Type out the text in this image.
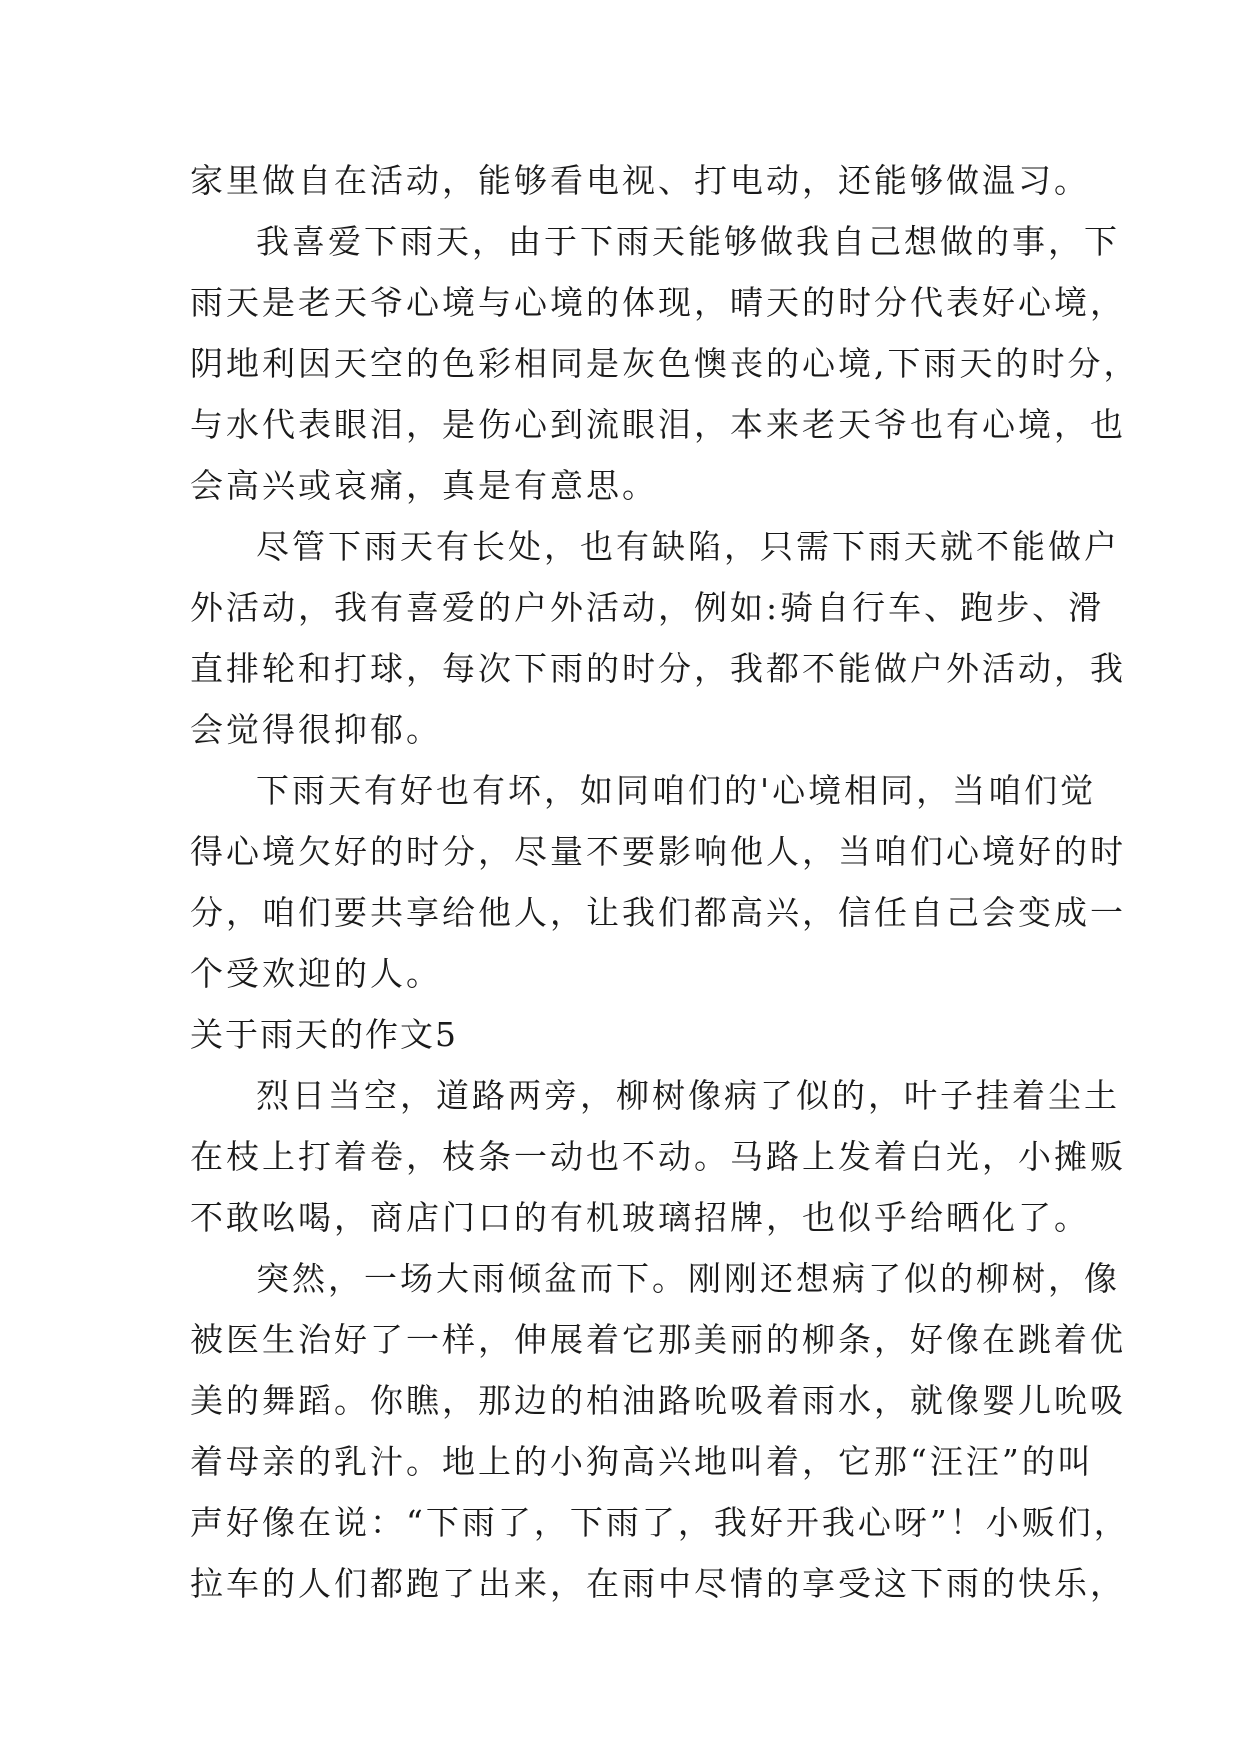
家里做自在活动，能够看电视、打电动，还能够做温习。
我喜爱下雨天，由于下雨天能够做我自己想做的事，下
雨天是老天爷心境与心境的体现，晴天的时分代表好心境，
阴地利因天空的色彩相同是灰色懊丧的心境,下雨天的时分，
与水代表眼泪，是伤心到流眼泪，本来老天爷也有心境，也
会高兴或哀痛，真是有意思。
尽管下雨天有长处，也有缺陷，只需下雨天就不能做户
外活动，我有喜爱的户外活动，例如:骑自行车、跑步、滑
直排轮和打球，每次下雨的时分，我都不能做户外活动，我
会觉得很抑郁。
下雨天有好也有坏，如同咱们的'心境相同，当咱们觉
得心境欠好的时分，尽量不要影响他人，当咱们心境好的时
分，咱们要共享给他人，让我们都高兴，信任自己会变成一
个受欢迎的人。
关于雨天的作文5
烈日当空，道路两旁，柳树像病了似的，叶子挂着尘土
在枝上打着卷，枝条一动也不动。马路上发着白光，小摊贩
不敢吆喝，商店门口的有机玻璃招牌，也似乎给晒化了。
突然，一场大雨倾盆而下。刚刚还想病了似的柳树，像
被医生治好了一样，伸展着它那美丽的柳条，好像在跳着优
美的舞蹈。你瞧，那边的柏油路吮吸着雨水，就像婴儿吮吸
着母亲的乳汁。地上的小狗高兴地叫着，它那“汪汪”的叫
声好像在说：“下雨了，下雨了，我好开我心呀”！小贩们，
拉车的人们都跑了出来，在雨中尽情的享受这下雨的快乐，
